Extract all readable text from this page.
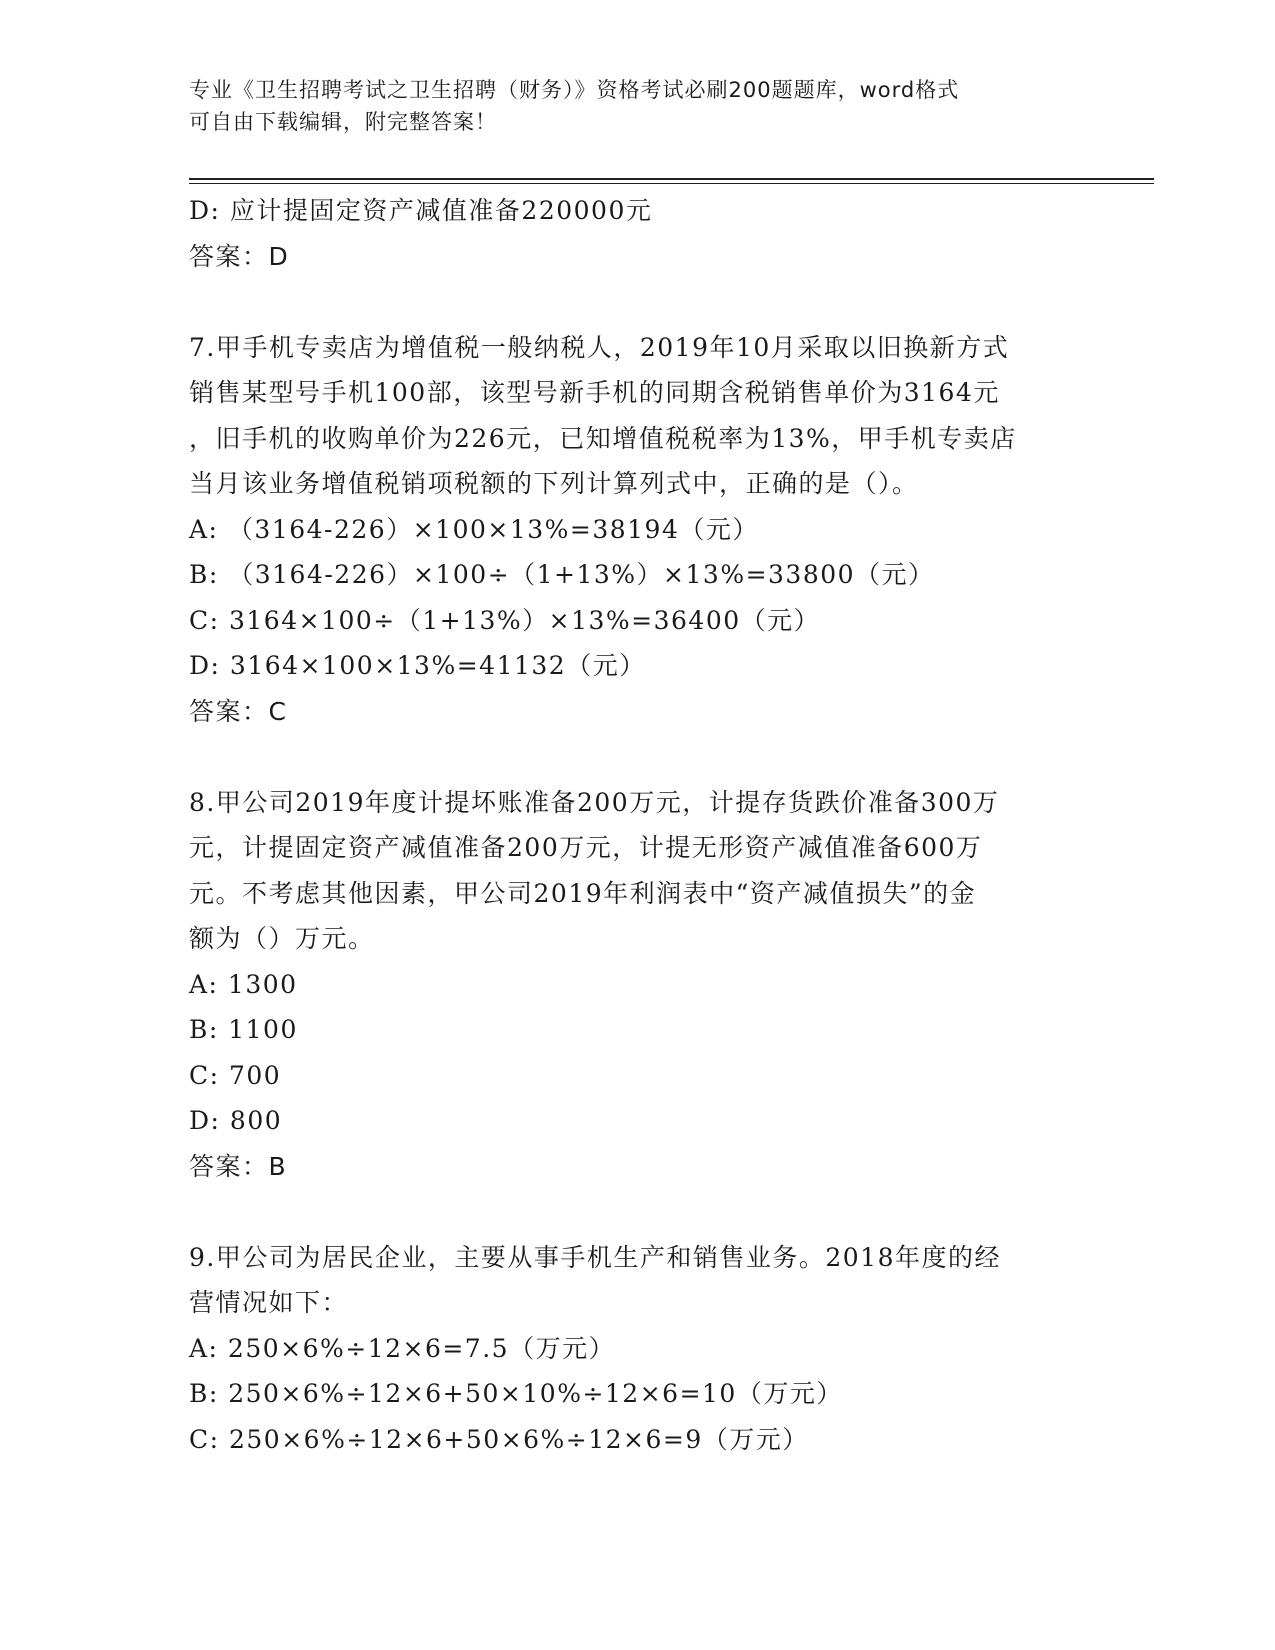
专业《卫生招聘考试之卫生招聘（财务）》资格考试必刷200题题库，word格式
可自由下载编辑，附完整答案！
D: 应计提固定资产减值准备220000元
答案：D
7.甲手机专卖店为增值税一般纳税人，2019年10月采取以旧换新方式
销售某型号手机100部，该型号新手机的同期含税销售单价为3164元
，旧手机的收购单价为226元，已知增值税税率为13%，甲手机专卖店
当月该业务增值税销项税额的下列计算列式中，正确的是（）。
A: （3164-226）×100×13%=38194（元）
B: （3164-226）×100÷（1+13%）×13%=33800（元）
C: 3164×100÷（1+13%）×13%=36400（元）
D: 3164×100×13%=41132（元）
答案：C
8.甲公司2019年度计提坏账准备200万元，计提存货跌价准备300万
元，计提固定资产减值准备200万元，计提无形资产减值准备600万
元。不考虑其他因素，甲公司2019年利润表中“资产减值损失”的金
额为（）万元。
A: 1300
B: 1100
C: 700
D: 800
答案：B
9.甲公司为居民企业，主要从事手机生产和销售业务。2018年度的经
营情况如下：
A: 250×6%÷12×6=7.5（万元）
B: 250×6%÷12×6+50×10%÷12×6=10（万元）
C: 250×6%÷12×6+50×6%÷12×6=9（万元）
